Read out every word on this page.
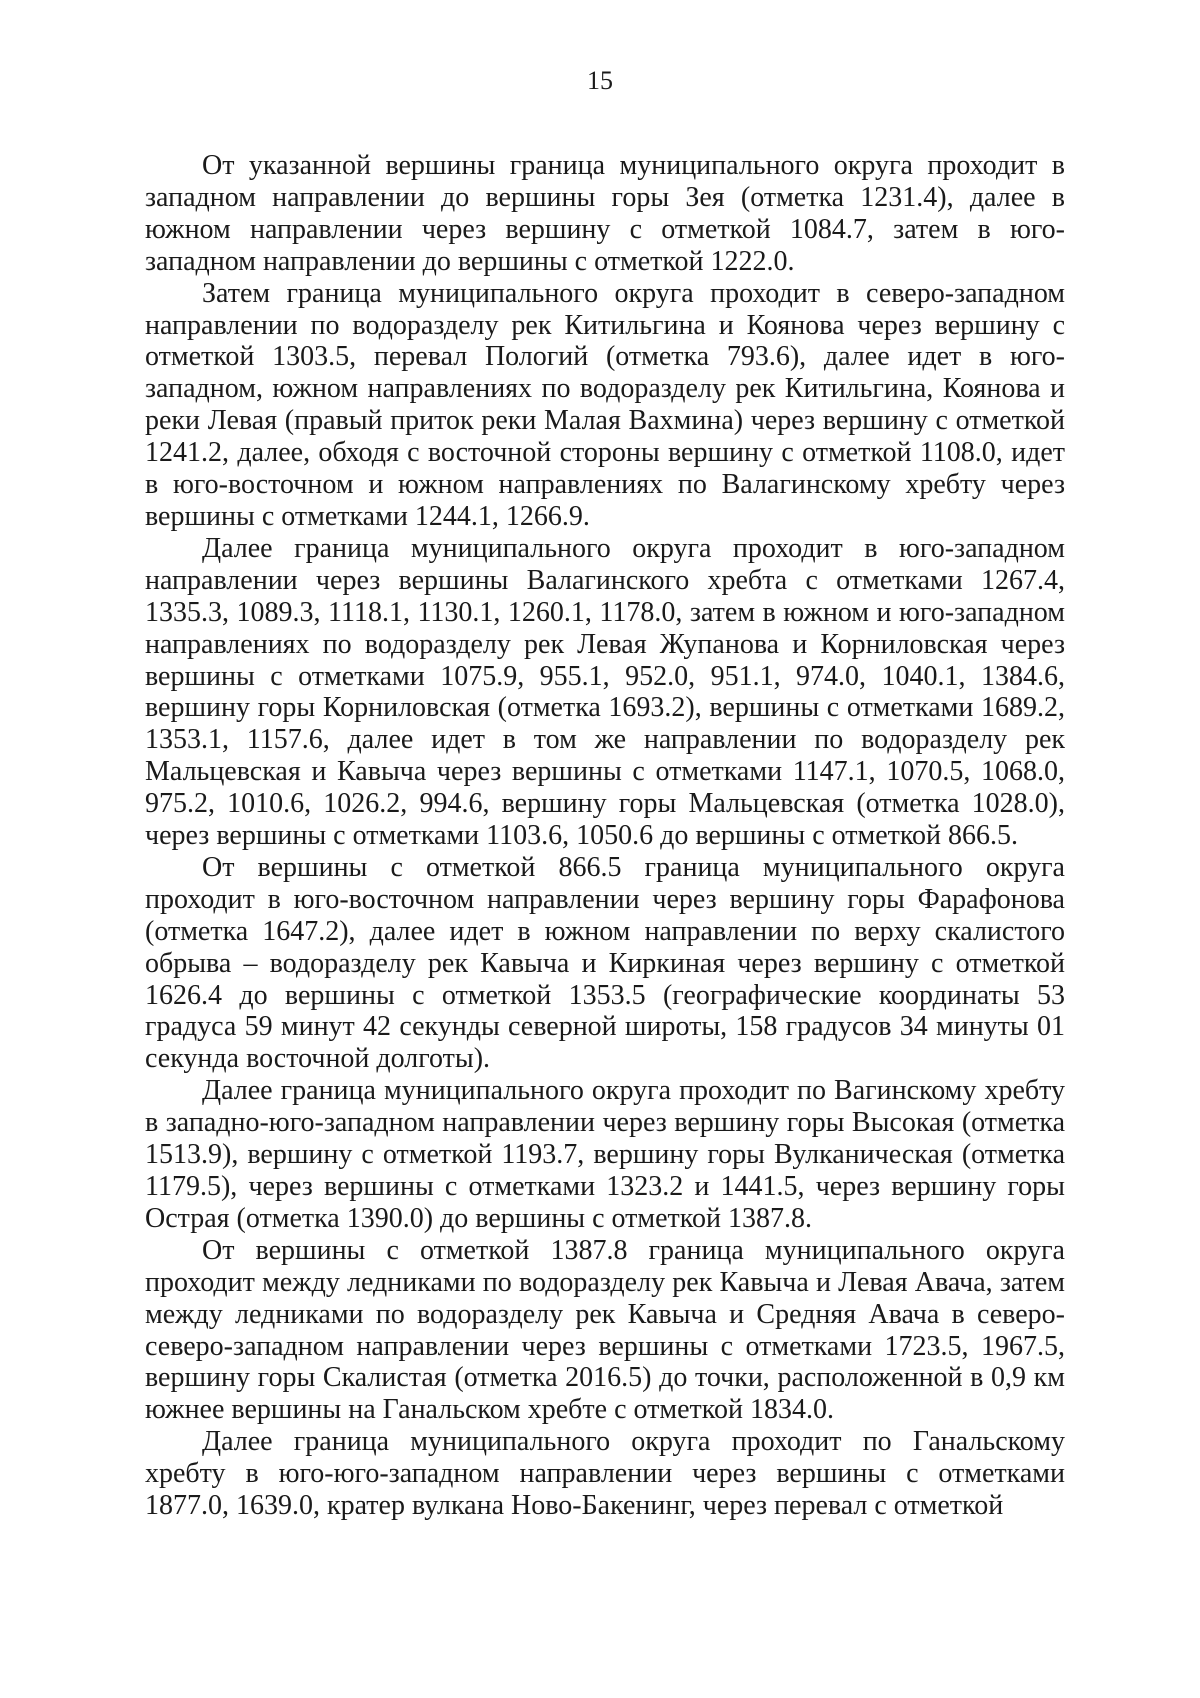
15

От указанной вершины граница муниципального округа проходит в западном направлении до вершины горы Зея (отметка 1231.4), далее в южном направлении через вершину с отметкой 1084.7, затем в юго-западном направлении до вершины с отметкой 1222.0.

Затем граница муниципального округа проходит в северо-западном направлении по водоразделу рек Китильгина и Коянова через вершину с отметкой 1303.5, перевал Пологий (отметка 793.6), далее идет в юго-западном, южном направлениях по водоразделу рек Китильгина, Коянова и реки Левая (правый приток реки Малая Вахмина) через вершину с отметкой 1241.2, далее, обходя с восточной стороны вершину с отметкой 1108.0, идет в юго-восточном и южном направлениях по Валагинскому хребту через вершины с отметками 1244.1, 1266.9.

Далее граница муниципального округа проходит в юго-западном направлении через вершины Валагинского хребта с отметками 1267.4, 1335.3, 1089.3, 1118.1, 1130.1, 1260.1, 1178.0, затем в южном и юго-западном направлениях по водоразделу рек Левая Жупанова и Корниловская через вершины с отметками 1075.9, 955.1, 952.0, 951.1, 974.0, 1040.1, 1384.6, вершину горы Корниловская (отметка 1693.2), вершины с отметками 1689.2, 1353.1, 1157.6, далее идет в том же направлении по водоразделу рек Мальцевская и Кавыча через вершины с отметками 1147.1, 1070.5, 1068.0, 975.2, 1010.6, 1026.2, 994.6, вершину горы Мальцевская (отметка 1028.0), через вершины с отметками 1103.6, 1050.6 до вершины с отметкой 866.5.

От вершины с отметкой 866.5 граница муниципального округа проходит в юго-восточном направлении через вершину горы Фарафонова (отметка 1647.2), далее идет в южном направлении по верху скалистого обрыва – водоразделу рек Кавыча и Киркиная через вершину с отметкой 1626.4 до вершины с отметкой 1353.5 (географические координаты 53 градуса 59 минут 42 секунды северной широты, 158 градусов 34 минуты 01 секунда восточной долготы).

Далее граница муниципального округа проходит по Вагинскому хребту в западно-юго-западном направлении через вершину горы Высокая (отметка 1513.9), вершину с отметкой 1193.7, вершину горы Вулканическая (отметка 1179.5), через вершины с отметками 1323.2 и 1441.5, через вершину горы Острая (отметка 1390.0) до вершины с отметкой 1387.8.

От вершины с отметкой 1387.8 граница муниципального округа проходит между ледниками по водоразделу рек Кавыча и Левая Авача, затем между ледниками по водоразделу рек Кавыча и Средняя Авача в северо-северо-западном направлении через вершины с отметками 1723.5, 1967.5, вершину горы Скалистая (отметка 2016.5) до точки, расположенной в 0,9 км южнее вершины на Ганальском хребте с отметкой 1834.0.

Далее граница муниципального округа проходит по Ганальскому хребту в юго-юго-западном направлении через вершины с отметками 1877.0, 1639.0, кратер вулкана Ново-Бакенинг, через перевал с отметкой
